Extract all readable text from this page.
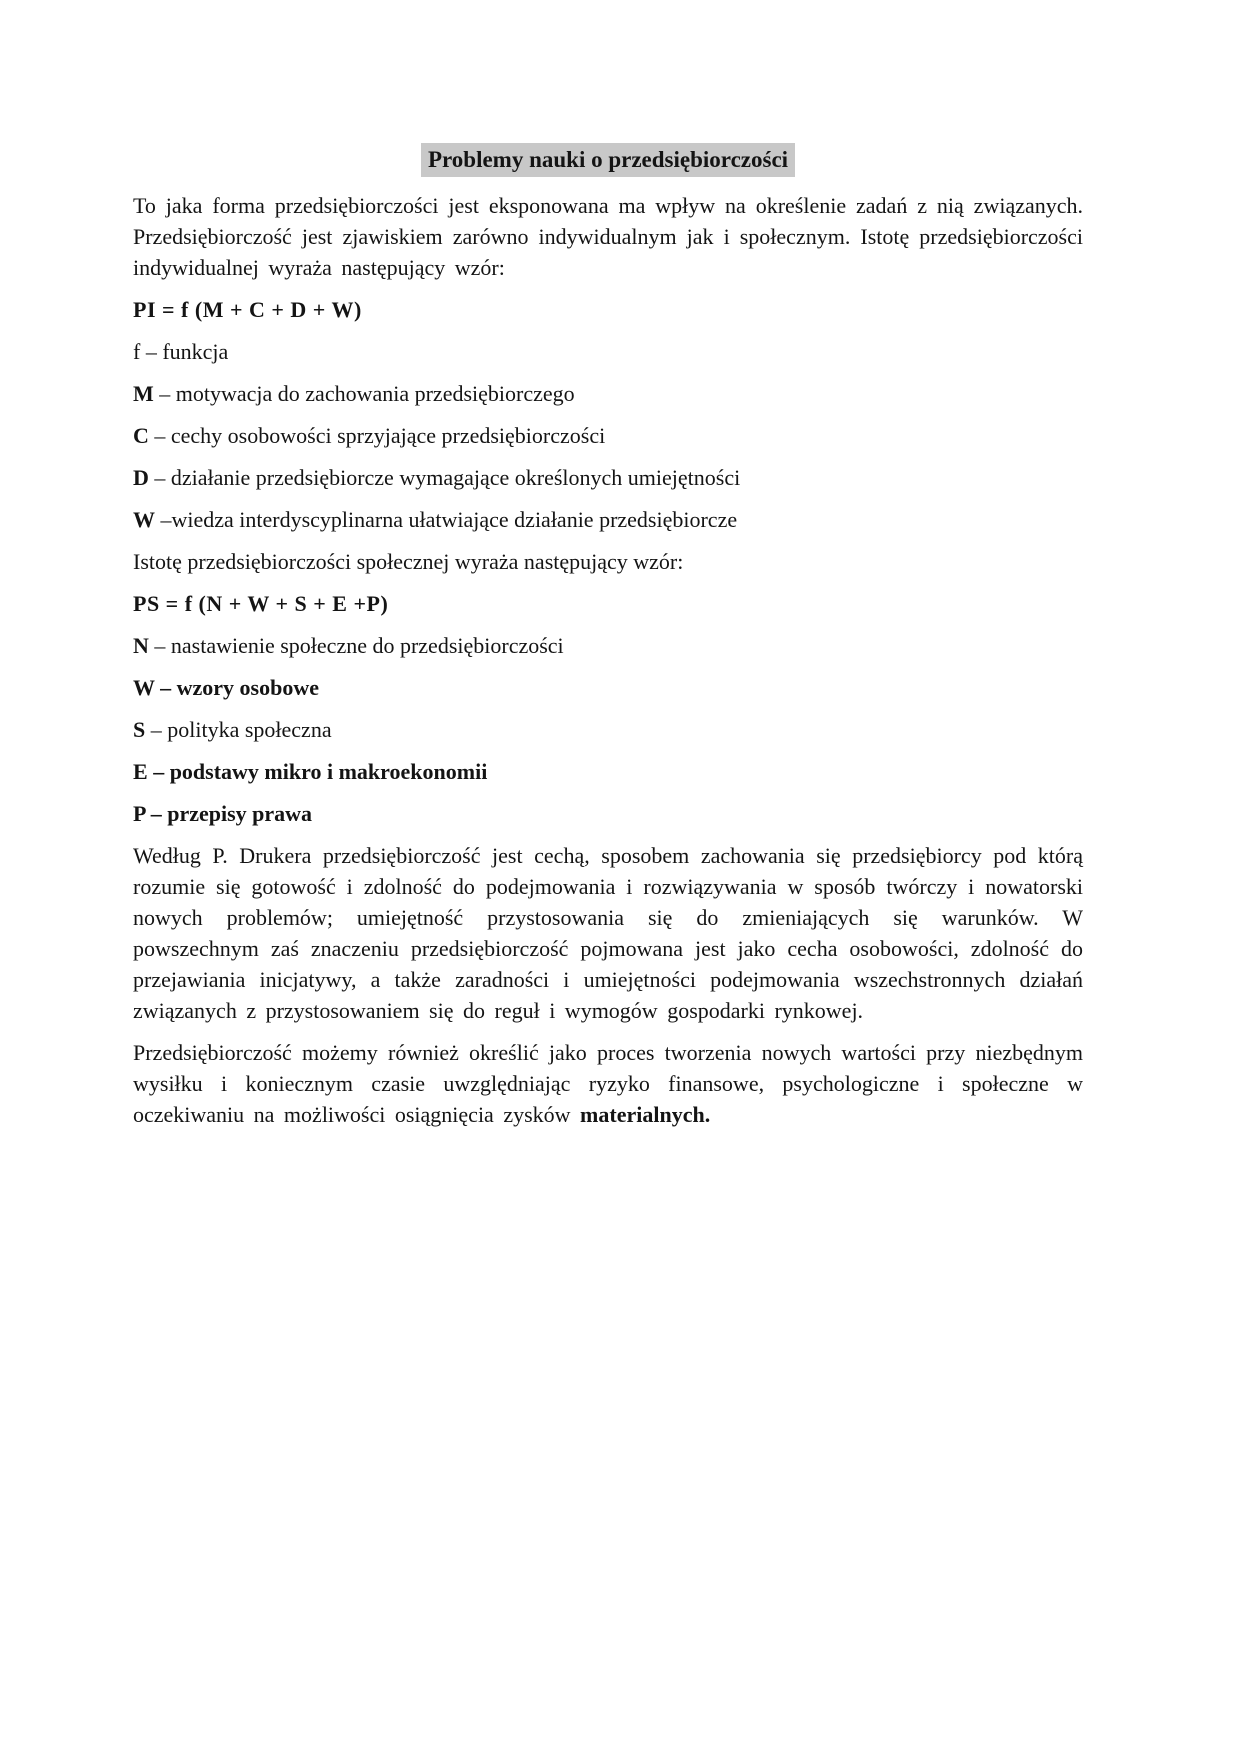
Problemy nauki o przedsiębiorczości

To jaka forma przedsiębiorczości jest eksponowana ma wpływ na określenie zadań z nią związanych. Przedsiębiorczość jest zjawiskiem zarówno indywidualnym jak i społecznym. Istotę przedsiębiorczości indywidualnej wyraża następujący wzór:

PI = f (M + C + D + W)

f – funkcja

M – motywacja do zachowania przedsiębiorczego

C – cechy osobowości sprzyjające przedsiębiorczości

D – działanie przedsiębiorcze wymagające określonych umiejętności

W –wiedza interdyscyplinarna ułatwiające działanie przedsiębiorcze

Istotę przedsiębiorczości społecznej wyraża następujący wzór:

PS = f (N + W + S + E +P)

N – nastawienie społeczne do przedsiębiorczości

W – wzory osobowe

S – polityka społeczna

E – podstawy mikro i makroekonomii

P – przepisy prawa

Według P. Drukera przedsiębiorczość jest cechą, sposobem zachowania się przedsiębiorcy pod którą rozumie się gotowość i zdolność do podejmowania i rozwiązywania w sposób twórczy i nowatorski nowych problemów; umiejętność przystosowania się do zmieniających się warunków. W powszechnym zaś znaczeniu przedsiębiorczość pojmowana jest jako cecha osobowości, zdolność do przejawiania inicjatywy, a także zaradności i umiejętności podejmowania wszechstronnych działań związanych z przystosowaniem się do reguł i wymogów gospodarki rynkowej.

Przedsiębiorczość możemy również określić jako proces tworzenia nowych wartości przy niezbędnym wysiłku i koniecznym czasie uwzględniając ryzyko finansowe, psychologiczne i społeczne w oczekiwaniu na możliwości osiągnięcia zysków materialnych.
